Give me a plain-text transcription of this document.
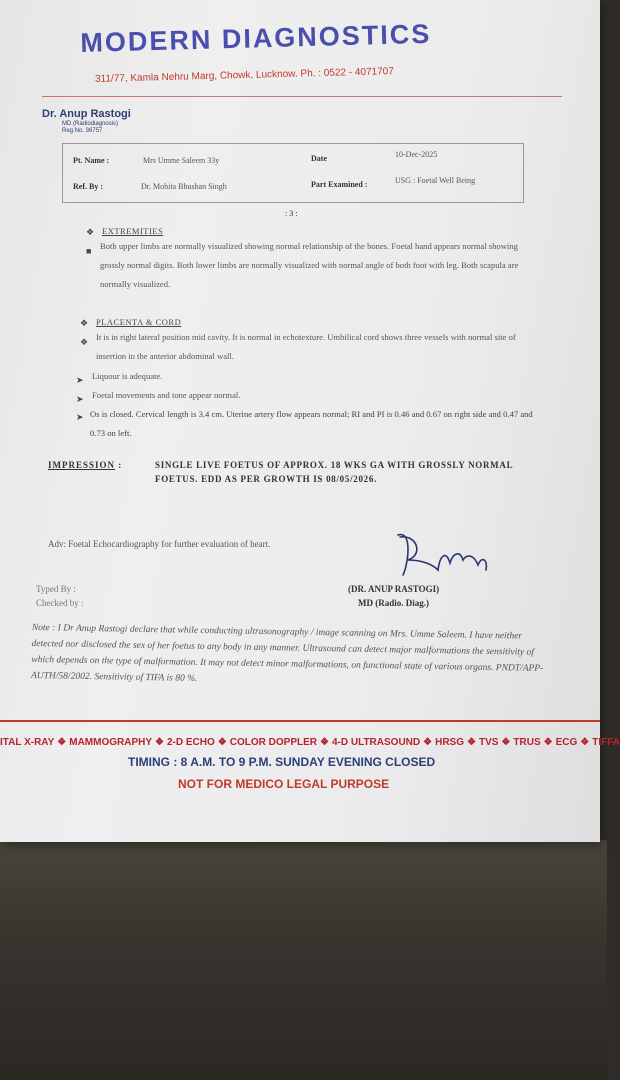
MODERN DIAGNOSTICS
311/77, Kamla Nehru Marg, Chowk, Lucknow. Ph. : 0522 - 4071707
Dr. Anup Rastogi
MD (Radiodiagnosis)
Reg.No. 36757
Pt. Name :	Mrs Umme Saleem 33y	Date	10-Dec-2025
Ref. By :	Dr. Mohita Bhushan Singh	Part Examined :	USG : Foetal Well Being
: 3 :
❖ EXTREMITIES
■ Both upper limbs are normally visualized showing normal relationship of the bones. Foetal hand appears normal showing grossly normal digits. Both lower limbs are normally visualized with normal angle of both foot with leg. Both scapula are normally visualized.
❖ PLACENTA & CORD
❖ It is in right lateral position mid cavity. It is normal in echotexture. Umbilical cord shows three vessels with normal site of insertion in the anterior abdominal wall.
➤ Liquour is adequate.
➤ Foetal movements and tone appear normal.
➤ Os is closed. Cervical length is 3.4 cm. Uterine artery flow appears normal; RI and PI is 0.46 and 0.67 on right side and 0.47 and 0.73 on left.
IMPRESSION :	SINGLE LIVE FOETUS OF APPROX. 18 WKS GA WITH GROSSLY NORMAL FOETUS. EDD AS PER GROWTH IS 08/05/2026.
Adv: Foetal Echocardiography for further evaluation of heart.
Typed By :
Checked by :
(DR. ANUP RASTOGI)
MD (Radio. Diag.)
Note : I Dr Anup Rastogi declare that while conducting ultrasonography / image scanning on Mrs. Umme Saleem. I have neither detected nor disclosed the sex of her foetus to any body in any manner. Ultrasound can detect major malformations the sensitivity of which depends on the type of malformation. It may not detect minor malformations, on functional state of various organs. PNDT/APP-AUTH/58/2002. Sensitivity of TIFA is 80 %.
ITAL X-RAY ❖ MAMMOGRAPHY ❖ 2-D ECHO ❖ COLOR DOPPLER ❖ 4-D ULTRASOUND ❖ HRSG ❖ TVS ❖ TRUS ❖ ECG ❖ TIFFA
TIMING : 8 A.M. TO 9 P.M. SUNDAY EVENING CLOSED
NOT FOR MEDICO LEGAL PURPOSE
